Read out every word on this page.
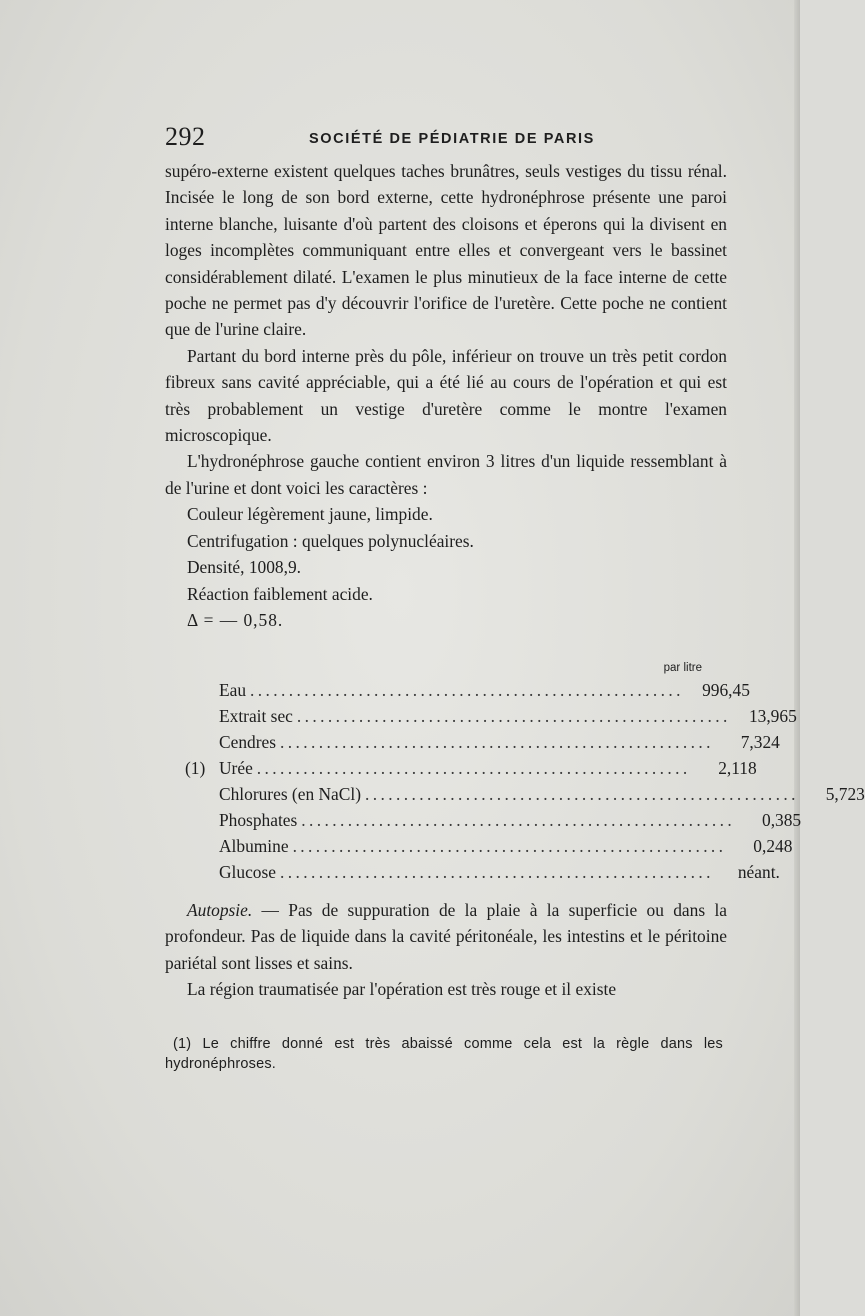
292	SOCIÉTÉ DE PÉDIATRIE DE PARIS

supéro-externe existent quelques taches brunâtres, seuls vestiges du tissu rénal. Incisée le long de son bord externe, cette hydronéphrose présente une paroi interne blanche, luisante d'où partent des cloisons et éperons qui la divisent en loges incomplètes communiquant entre elles et convergeant vers le bassinet considérablement dilaté. L'examen le plus minutieux de la face interne de cette poche ne permet pas d'y découvrir l'orifice de l'uretère. Cette poche ne contient que de l'urine claire.

Partant du bord interne près du pôle, inférieur on trouve un très petit cordon fibreux sans cavité appréciable, qui a été lié au cours de l'opération et qui est très probablement un vestige d'uretère comme le montre l'examen microscopique.

L'hydronéphrose gauche contient environ 3 litres d'un liquide ressemblant à de l'urine et dont voici les caractères :

Couleur légèrement jaune, limpide.

Centrifugation : quelques polynucléaires.

Densité, 1008,9.

Réaction faiblement acide.

Δ = — 0,58.

par litre
Eau ........................................................	996,45
Extrait sec ........................................................	13,965
Cendres ........................................................	7,324
(1) Urée ........................................................	2,118
Chlorures (en NaCl) ........................................................	5,723
Phosphates ........................................................	0,385
Albumine ........................................................	0,248
Glucose ........................................................	néant.

Autopsie. — Pas de suppuration de la plaie à la superficie ou dans la profondeur. Pas de liquide dans la cavité péritonéale, les intestins et le péritoine pariétal sont lisses et sains.

La région traumatisée par l'opération est très rouge et il existe

(1) Le chiffre donné est très abaissé comme cela est la règle dans les hydronéphroses.
